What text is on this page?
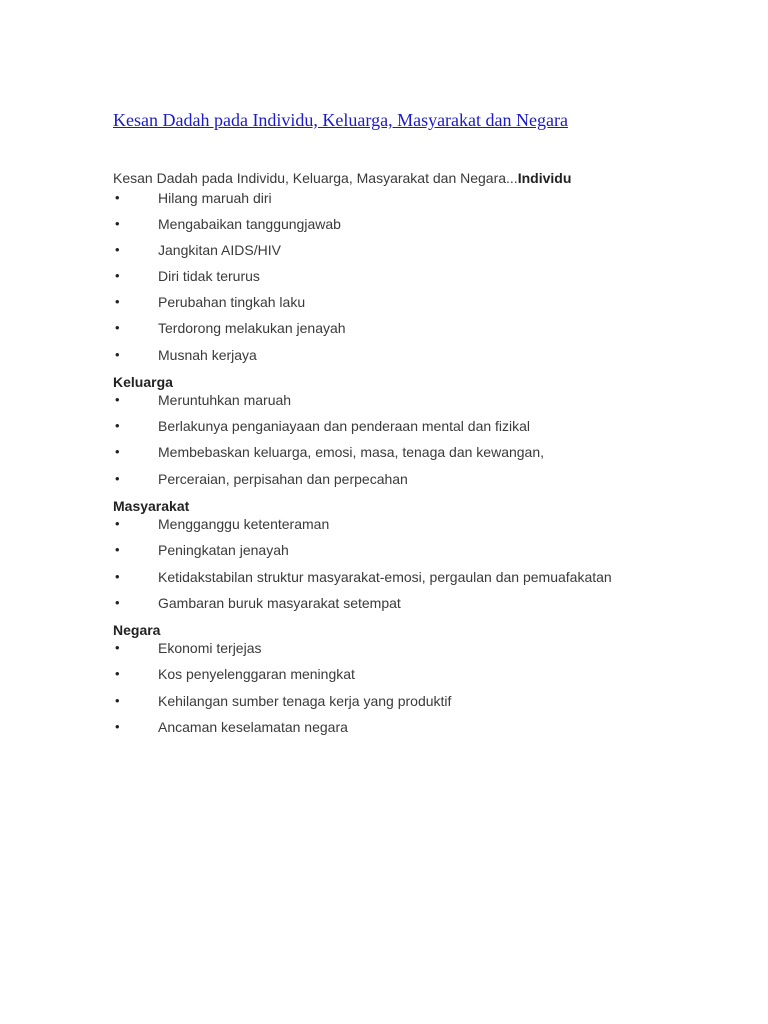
Kesan Dadah pada Individu, Keluarga, Masyarakat dan Negara
Kesan Dadah pada Individu, Keluarga, Masyarakat dan Negara...Individu
•	Hilang maruah diri
•	Mengabaikan tanggungjawab
•	Jangkitan AIDS/HIV
•	Diri tidak terurus
•	Perubahan tingkah laku
•	Terdorong melakukan jenayah
•	Musnah kerjaya
Keluarga
•	Meruntuhkan maruah
•	Berlakunya penganiayaan dan penderaan mental dan fizikal
•	Membebaskan keluarga, emosi, masa, tenaga dan kewangan,
•	Perceraian, perpisahan dan perpecahan
Masyarakat
•	Mengganggu ketenteraman
•	Peningkatan jenayah
•	Ketidakstabilan struktur masyarakat-emosi, pergaulan dan pemuafakatan
•	Gambaran buruk masyarakat setempat
Negara
•	Ekonomi terjejas
•	Kos penyelenggaran meningkat
•	Kehilangan sumber tenaga kerja yang produktif
•	Ancaman keselamatan negara
